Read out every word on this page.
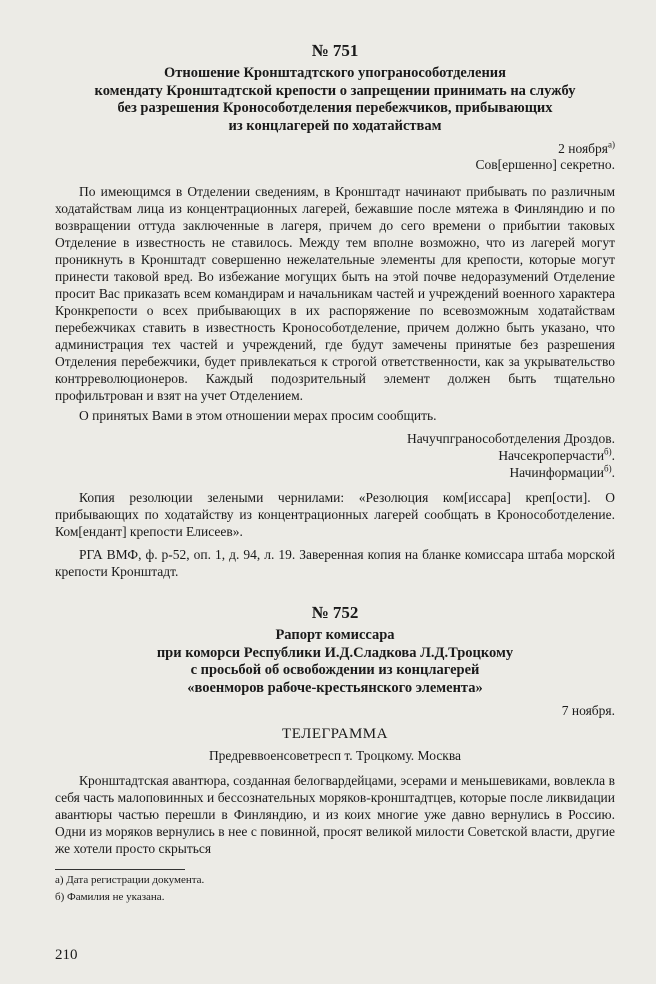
№ 751
Отношение Кронштадтского упогранособотделения
комендату Кронштадтской крепости о запрещении принимать на службу
без разрешения Кронособотделения перебежчиков, прибывающих
из концлагерей по ходатайствам
2 ноября$^{а)}$
Сов[ершенно] секретно.

По имеющимся в Отделении сведениям, в Кронштадт начинают прибывать по различным ходатайствам лица из концентрационных лагерей, бежавшие после мятежа в Финляндию и по возвращении оттуда заключенные в лагеря, причем до сего времени о прибытии таковых Отделение в известность не ставилось. Между тем вполне возможно, что из лагерей могут проникнуть в Кронштадт совершенно нежелательные элементы для крепости, которые могут принести таковой вред. Во избежание могущих быть на этой почве недоразумений Отделение просит Вас приказать всем командирам и начальникам частей и учреждений военного характера Кронкрепости о всех прибывающих в их распоряжение по всевозможным ходатайствам перебежчиках ставить в известность Кронособотделение, причем должно быть указано, что администрация тех частей и учреждений, где будут замечены принятые без разрешения Отделения перебежчики, будет привлекаться к строгой ответственности, как за укрывательство контрреволюционеров. Каждый подозрительный элемент должен быть тщательно профильтрован и взят на учет Отделением.

О принятых Вами в этом отношении мерах просим сообщить.

Начучпгранособотделения Дроздов.
Начсекроперчасти$^{б)}$.
Начинформации$^{б)}$.

Копия резолюции зелеными чернилами: «Резолюция ком[иссара] креп[ости]. О прибывающих по ходатайству из концентрационных лагерей сообщать в Кронособотделение. Ком[ендант] крепости Елисеев».

РГА ВМФ, ф. р-52, оп. 1, д. 94, л. 19. Заверенная копия на бланке комиссара штаба морской крепости Кронштадт.

№ 752
Рапорт комиссара
при коморси Республики И.Д.Сладкова Л.Д.Троцкому
с просьбой об освобождении из концлагерей
«военморов рабоче-крестьянского элемента»
7 ноября.
ТЕЛЕГРАММА
Предреввоенсоветресп т. Троцкому. Москва

Кронштадтская авантюра, созданная белогвардейцами, эсерами и меньшевиками, вовлекла в себя часть малоповинных и бессознательных моряков-кронштадтцев, которые после ликвидации авантюры частью перешли в Финляндию, и из коих многие уже давно вернулись в Россию. Одни из моряков вернулись в нее с повинной, просят великой милости Советской власти, другие же хотели просто скрыться

а) Дата регистрации документа.
б) Фамилия не указана.
210
